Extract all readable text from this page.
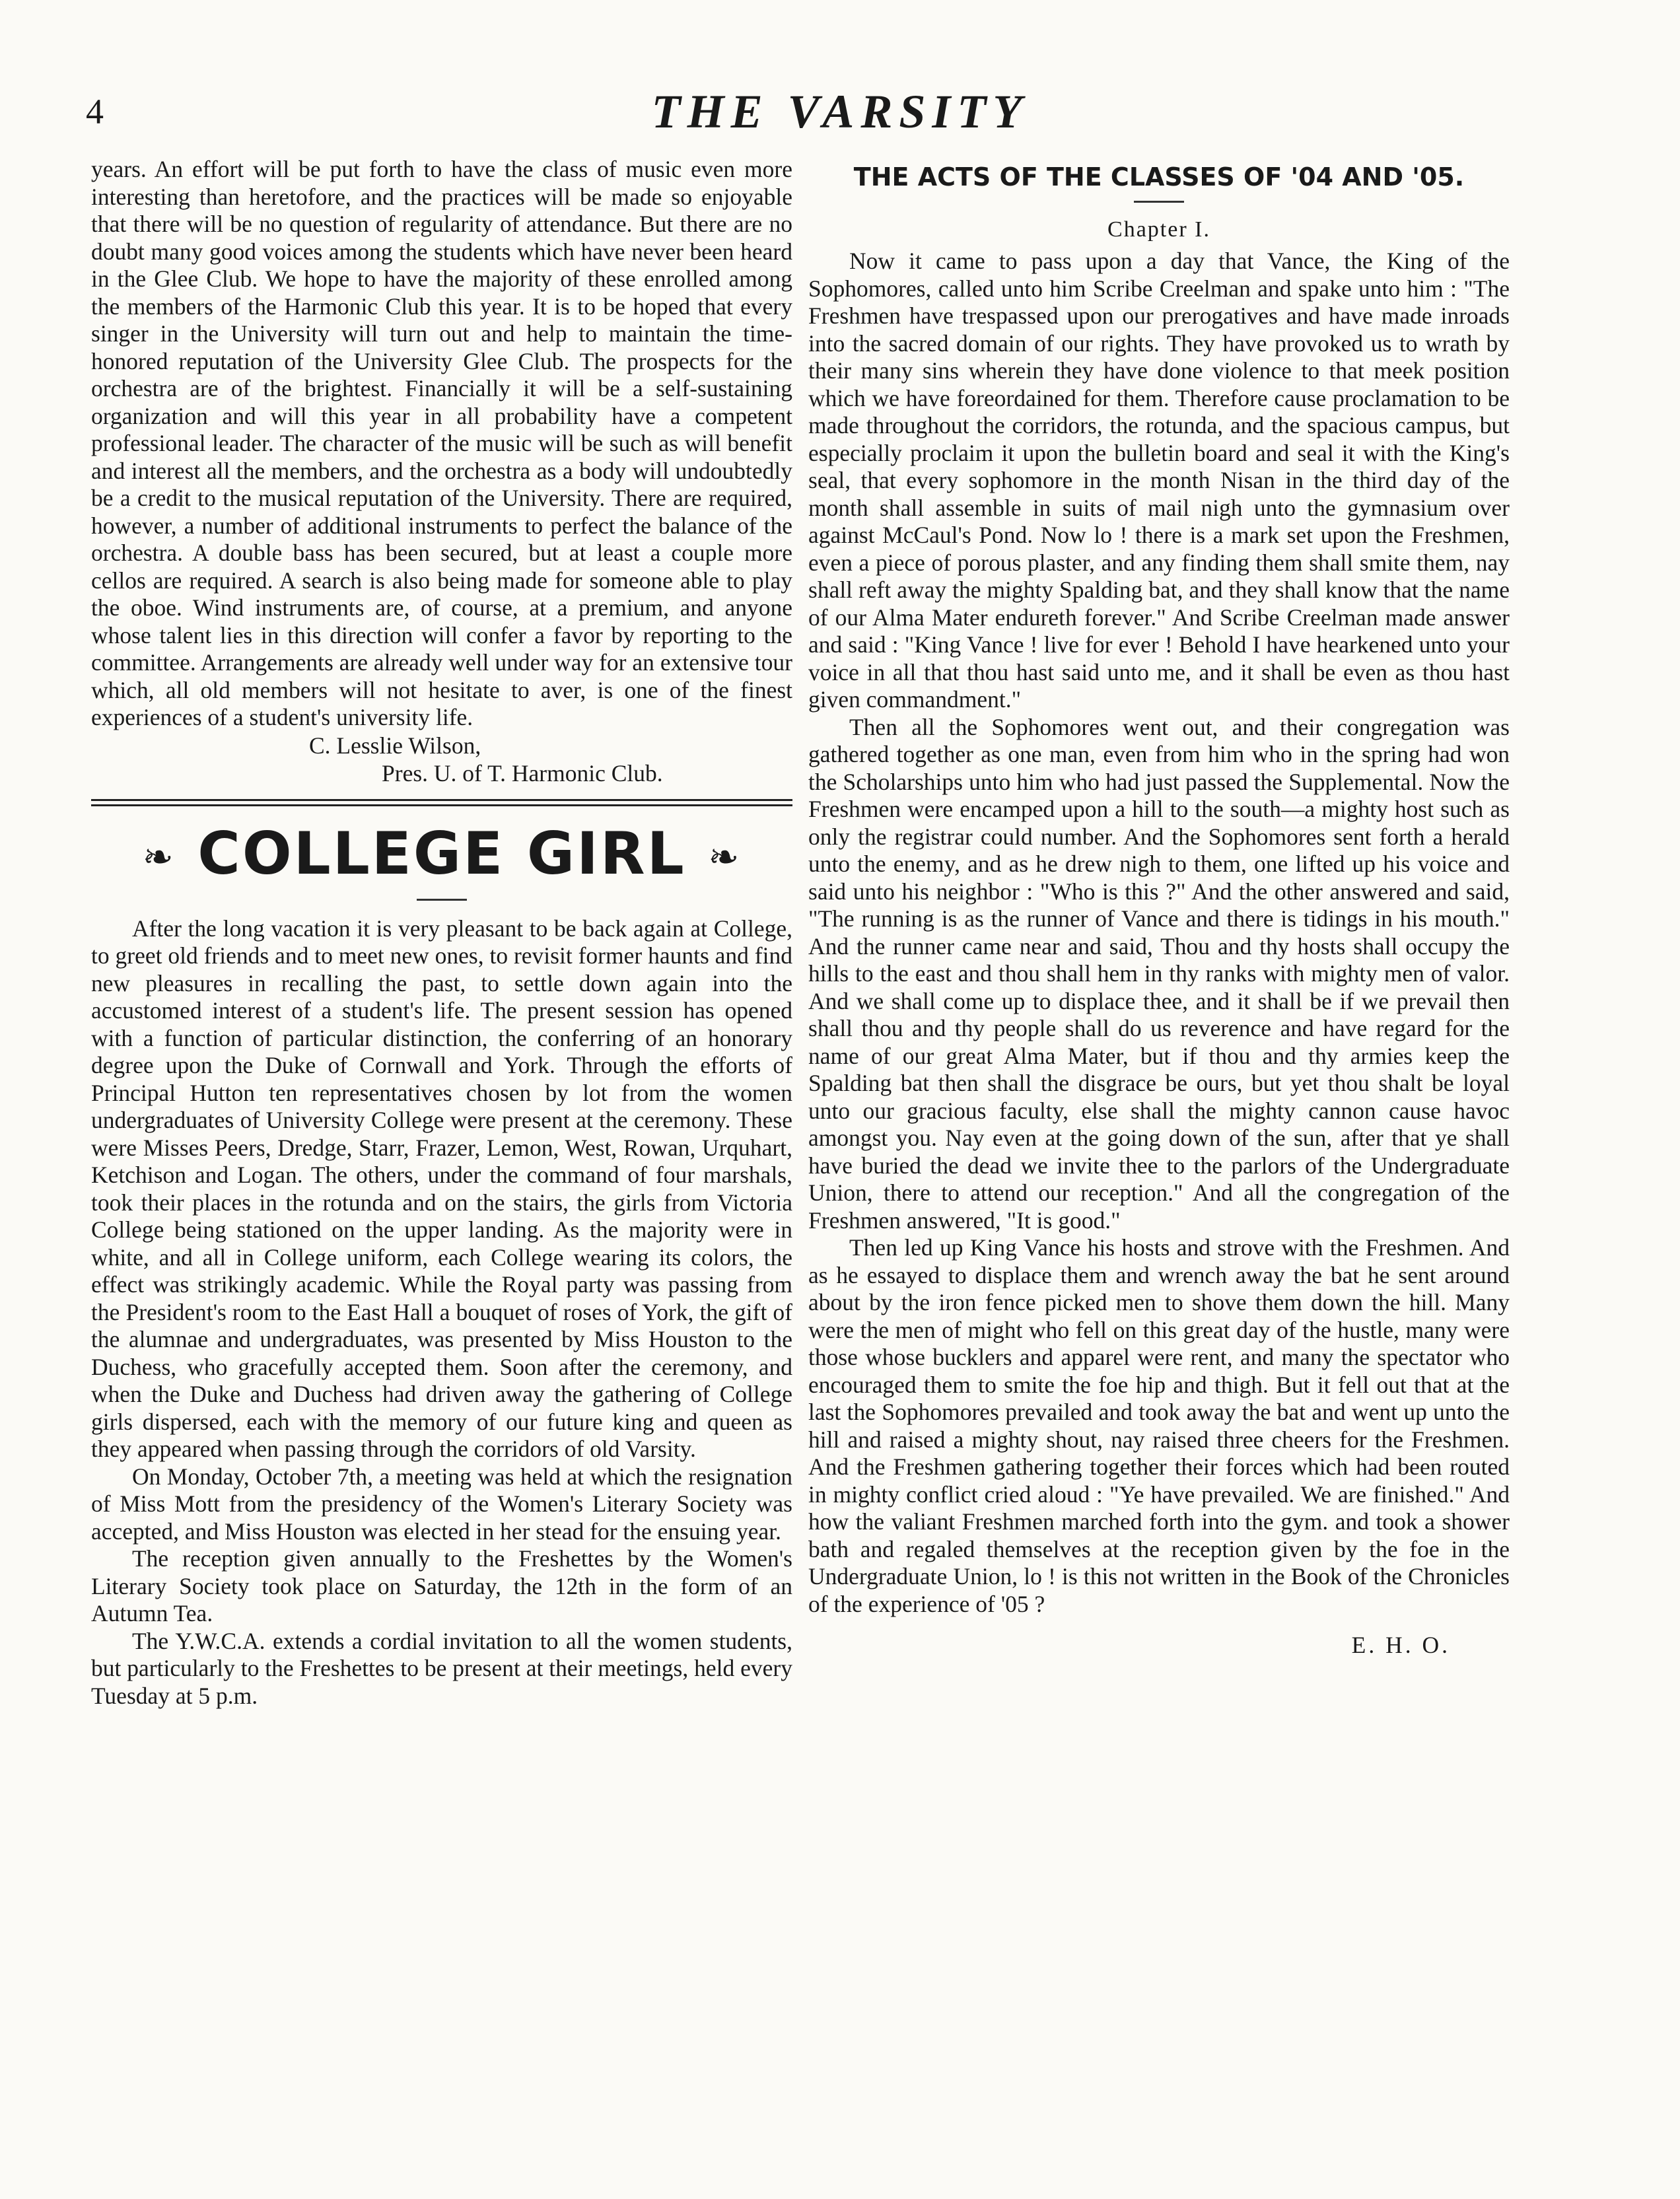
4	THE VARSITY

years. An effort will be put forth to have the class of music even more interesting than heretofore, and the practices will be made so enjoyable that there will be no question of regularity of attendance. But there are no doubt many good voices among the students which have never been heard in the Glee Club. We hope to have the majority of these enrolled among the members of the Harmonic Club this year. It is to be hoped that every singer in the University will turn out and help to maintain the time-honored reputation of the University Glee Club. The prospects for the orchestra are of the brightest. Financially it will be a self-sustaining organization and will this year in all probability have a competent professional leader. The character of the music will be such as will benefit and interest all the members, and the orchestra as a body will undoubtedly be a credit to the musical reputation of the University. There are required, however, a number of additional instruments to perfect the balance of the orchestra. A double bass has been secured, but at least a couple more cellos are required. A search is also being made for someone able to play the oboe. Wind instruments are, of course, at a premium, and anyone whose talent lies in this direction will confer a favor by reporting to the committee. Arrangements are already well under way for an extensive tour which, all old members will not hesitate to aver, is one of the finest experiences of a student's university life.

C. Lesslie Wilson,
Pres. U. of T. Harmonic Club.
❧ COLLEGE GIRL ❧

After the long vacation it is very pleasant to be back again at College, to greet old friends and to meet new ones, to revisit former haunts and find new pleasures in recalling the past, to settle down again into the accustomed interest of a student's life. The present session has opened with a function of particular distinction, the conferring of an honorary degree upon the Duke of Cornwall and York. Through the efforts of Principal Hutton ten representatives chosen by lot from the women undergraduates of University College were present at the ceremony. These were Misses Peers, Dredge, Starr, Frazer, Lemon, West, Rowan, Urquhart, Ketchison and Logan. The others, under the command of four marshals, took their places in the rotunda and on the stairs, the girls from Victoria College being stationed on the upper landing. As the majority were in white, and all in College uniform, each College wearing its colors, the effect was strikingly academic. While the Royal party was passing from the President's room to the East Hall a bouquet of roses of York, the gift of the alumnae and undergraduates, was presented by Miss Houston to the Duchess, who gracefully accepted them. Soon after the ceremony, and when the Duke and Duchess had driven away the gathering of College girls dispersed, each with the memory of our future king and queen as they appeared when passing through the corridors of old Varsity.

On Monday, October 7th, a meeting was held at which the resignation of Miss Mott from the presidency of the Women's Literary Society was accepted, and Miss Houston was elected in her stead for the ensuing year.

The reception given annually to the Freshettes by the Women's Literary Society took place on Saturday, the 12th in the form of an Autumn Tea.

The Y.W.C.A. extends a cordial invitation to all the women students, but particularly to the Freshettes to be present at their meetings, held every Tuesday at 5 p.m.

THE ACTS OF THE CLASSES OF '04 AND '05.
Chapter I.

Now it came to pass upon a day that Vance, the King of the Sophomores, called unto him Scribe Creelman and spake unto him : "The Freshmen have trespassed upon our prerogatives and have made inroads into the sacred domain of our rights. They have provoked us to wrath by their many sins wherein they have done violence to that meek position which we have foreordained for them. Therefore cause proclamation to be made throughout the corridors, the rotunda, and the spacious campus, but especially proclaim it upon the bulletin board and seal it with the King's seal, that every sophomore in the month Nisan in the third day of the month shall assemble in suits of mail nigh unto the gymnasium over against McCaul's Pond. Now lo ! there is a mark set upon the Freshmen, even a piece of porous plaster, and any finding them shall smite them, nay shall reft away the mighty Spalding bat, and they shall know that the name of our Alma Mater endureth forever." And Scribe Creelman made answer and said : "King Vance ! live for ever ! Behold I have hearkened unto your voice in all that thou hast said unto me, and it shall be even as thou hast given commandment."

Then all the Sophomores went out, and their congregation was gathered together as one man, even from him who in the spring had won the Scholarships unto him who had just passed the Supplemental. Now the Freshmen were encamped upon a hill to the south—a mighty host such as only the registrar could number. And the Sophomores sent forth a herald unto the enemy, and as he drew nigh to them, one lifted up his voice and said unto his neighbor : "Who is this ?" And the other answered and said, "The running is as the runner of Vance and there is tidings in his mouth." And the runner came near and said, Thou and thy hosts shall occupy the hills to the east and thou shall hem in thy ranks with mighty men of valor. And we shall come up to displace thee, and it shall be if we prevail then shall thou and thy people shall do us reverence and have regard for the name of our great Alma Mater, but if thou and thy armies keep the Spalding bat then shall the disgrace be ours, but yet thou shalt be loyal unto our gracious faculty, else shall the mighty cannon cause havoc amongst you. Nay even at the going down of the sun, after that ye shall have buried the dead we invite thee to the parlors of the Undergraduate Union, there to attend our reception." And all the congregation of the Freshmen answered, "It is good."

Then led up King Vance his hosts and strove with the Freshmen. And as he essayed to displace them and wrench away the bat he sent around about by the iron fence picked men to shove them down the hill. Many were the men of might who fell on this great day of the hustle, many were those whose bucklers and apparel were rent, and many the spectator who encouraged them to smite the foe hip and thigh. But it fell out that at the last the Sophomores prevailed and took away the bat and went up unto the hill and raised a mighty shout, nay raised three cheers for the Freshmen. And the Freshmen gathering together their forces which had been routed in mighty conflict cried aloud : "Ye have prevailed. We are finished." And how the valiant Freshmen marched forth into the gym. and took a shower bath and regaled themselves at the reception given by the foe in the Undergraduate Union, lo ! is this not written in the Book of the Chronicles of the experience of '05 ?

E. H. O.
